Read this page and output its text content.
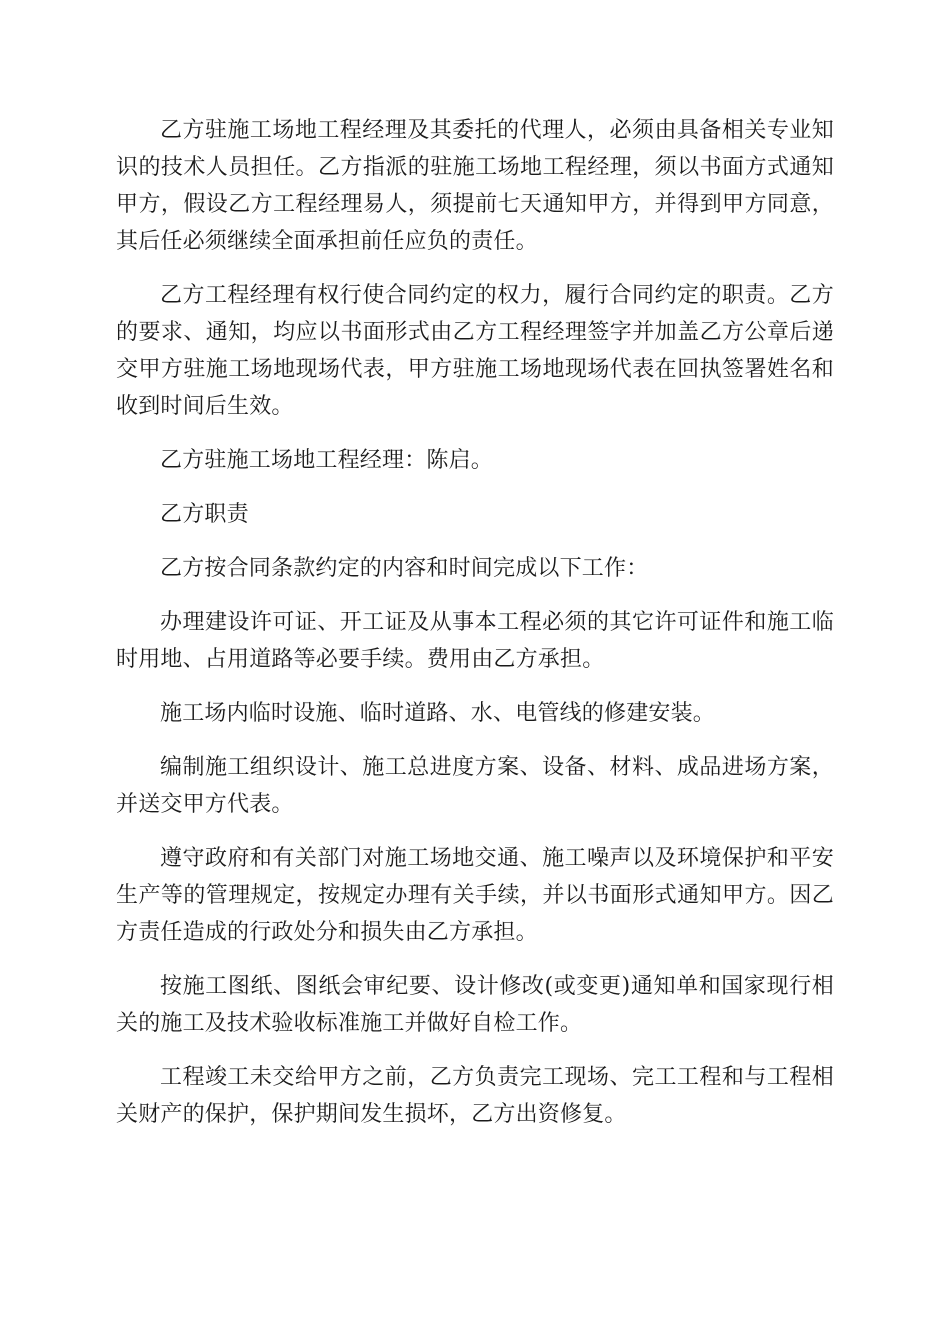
乙方驻施工场地工程经理及其委托的代理人，必须由具备相关专业知识的技术人员担任。乙方指派的驻施工场地工程经理，须以书面方式通知甲方，假设乙方工程经理易人，须提前七天通知甲方，并得到甲方同意，其后任必须继续全面承担前任应负的责任。

乙方工程经理有权行使合同约定的权力，履行合同约定的职责。乙方的要求、通知，均应以书面形式由乙方工程经理签字并加盖乙方公章后递交甲方驻施工场地现场代表，甲方驻施工场地现场代表在回执签署姓名和收到时间后生效。

乙方驻施工场地工程经理：陈启。

乙方职责

乙方按合同条款约定的内容和时间完成以下工作：

办理建设许可证、开工证及从事本工程必须的其它许可证件和施工临时用地、占用道路等必要手续。费用由乙方承担。

施工场内临时设施、临时道路、水、电管线的修建安装。

编制施工组织设计、施工总进度方案、设备、材料、成品进场方案，并送交甲方代表。

遵守政府和有关部门对施工场地交通、施工噪声以及环境保护和平安生产等的管理规定，按规定办理有关手续，并以书面形式通知甲方。因乙方责任造成的行政处分和损失由乙方承担。

按施工图纸、图纸会审纪要、设计修改(或变更)通知单和国家现行相关的施工及技术验收标准施工并做好自检工作。

工程竣工未交给甲方之前，乙方负责完工现场、完工工程和与工程相关财产的保护，保护期间发生损坏，乙方出资修复。
